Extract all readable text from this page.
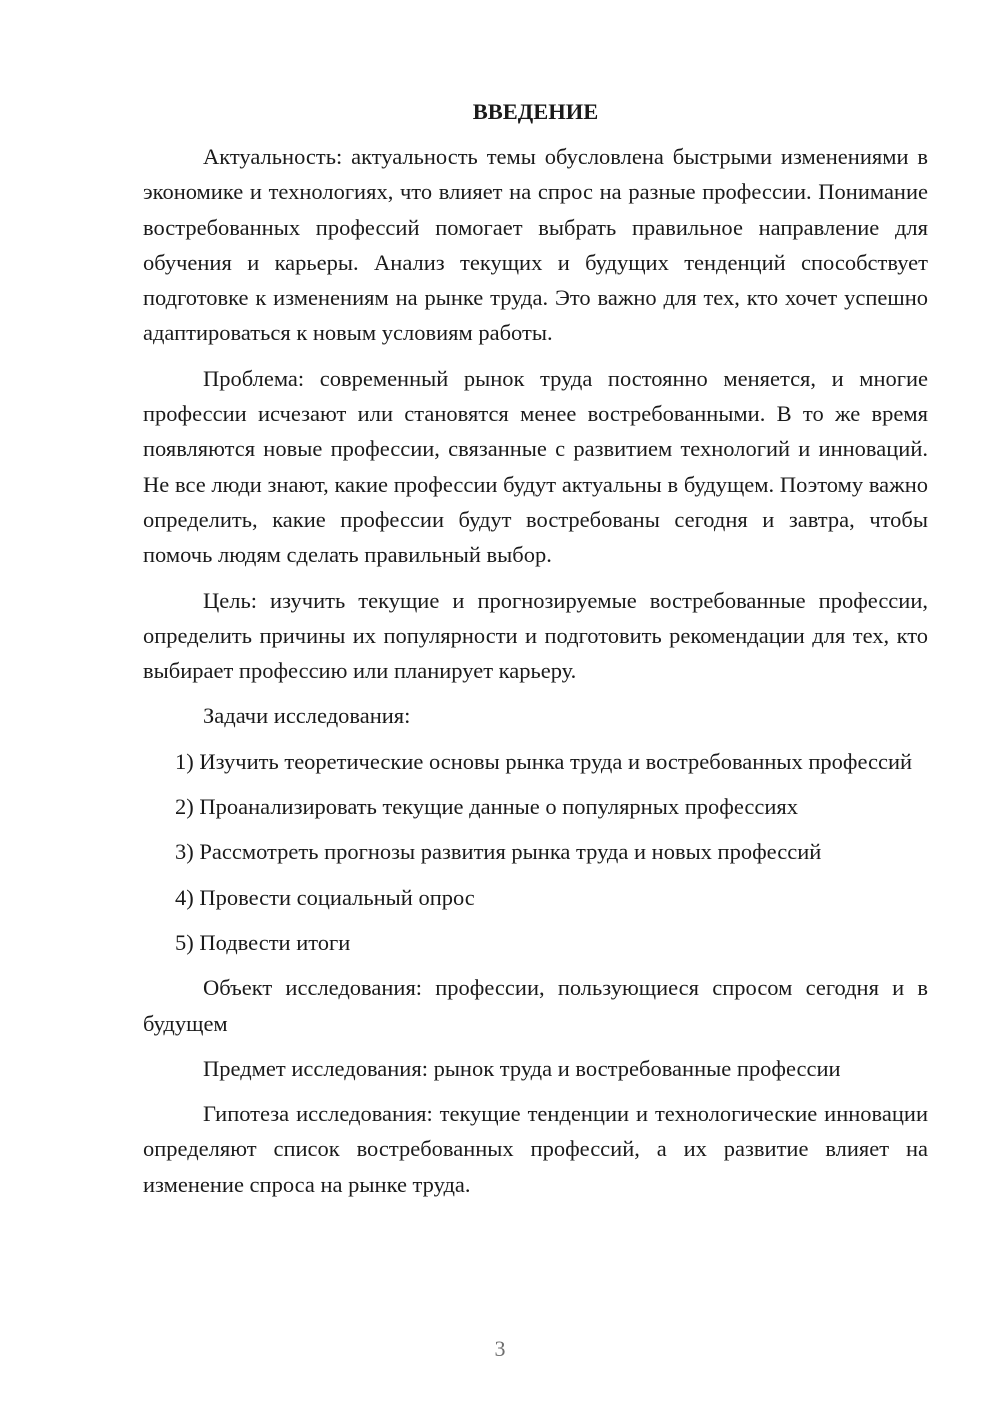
ВВЕДЕНИЕ

Актуальность: актуальность темы обусловлена быстрыми изменениями в экономике и технологиях, что влияет на спрос на разные профессии. Понимание востребованных профессий помогает выбрать правильное направление для обучения и карьеры. Анализ текущих и будущих тенденций способствует подготовке к изменениям на рынке труда. Это важно для тех, кто хочет успешно адаптироваться к новым условиям работы.

Проблема: современный рынок труда постоянно меняется, и многие профессии исчезают или становятся менее востребованными. В то же время появляются новые профессии, связанные с развитием технологий и инноваций. Не все люди знают, какие профессии будут актуальны в будущем. Поэтому важно определить, какие профессии будут востребованы сегодня и завтра, чтобы помочь людям сделать правильный выбор.

Цель: изучить текущие и прогнозируемые востребованные профессии, определить причины их популярности и подготовить рекомендации для тех, кто выбирает профессию или планирует карьеру.

Задачи исследования:

1) Изучить теоретические основы рынка труда и востребованных профессий

2) Проанализировать текущие данные о популярных профессиях

3) Рассмотреть прогнозы развития рынка труда и новых профессий

4) Провести социальный опрос

5) Подвести итоги

Объект исследования: профессии, пользующиеся спросом сегодня и в будущем

Предмет исследования: рынок труда и востребованные профессии

Гипотеза исследования: текущие тенденции и технологические инновации определяют список востребованных профессий, а их развитие влияет на изменение спроса на рынке труда.

3
